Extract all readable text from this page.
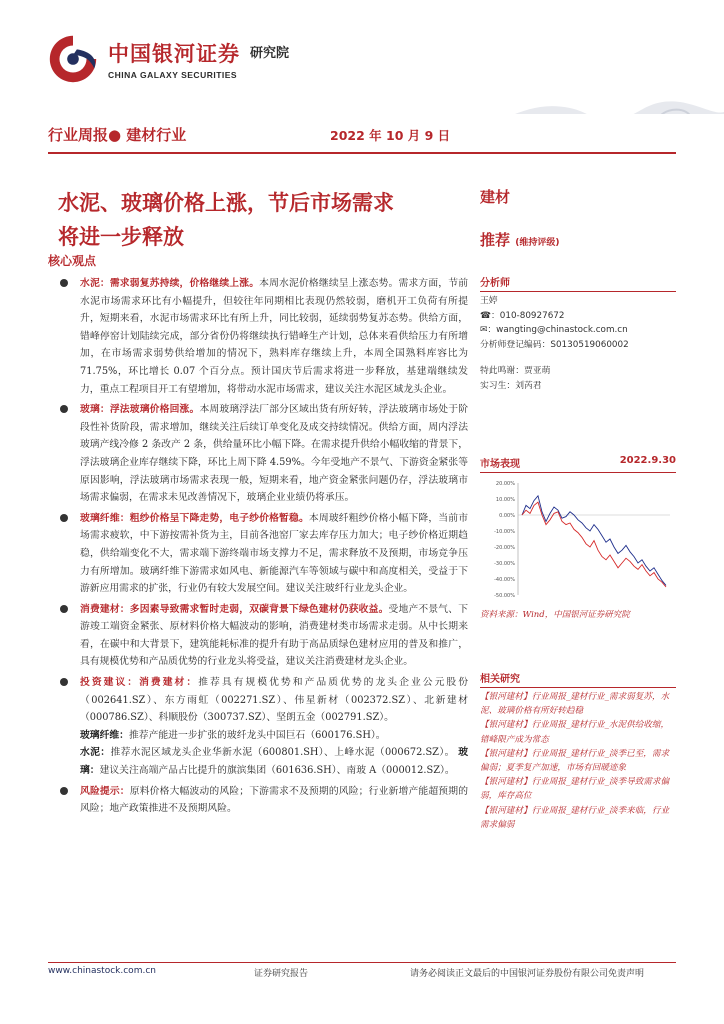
中国银河证券
CHINA GALAXY SECURITIES
研究院
行业周报● 建材行业	2022 年 10 月 9 日
水泥、玻璃价格上涨，节后市场需求
将进一步释放
核心观点
水泥：需求弱复苏持续，价格继续上涨。本周水泥价格继续呈上涨态势。需求方面，节前水泥市场需求环比有小幅提升，但较往年同期相比表现仍然较弱，磨机开工负荷有所提升，短期来看，水泥市场需求环比有所上升，同比较弱，延续弱势复苏态势。供给方面，错峰停窑计划陆续完成，部分省份仍将继续执行错峰生产计划，总体来看供给压力有所增加，在市场需求弱势供给增加的情况下，熟料库存继续上升，本周全国熟料库容比为 71.75%，环比增长 0.07 个百分点。预计国庆节后需求将进一步释放，基建端继续发力，重点工程项目开工有望增加，将带动水泥市场需求，建议关注水泥区域龙头企业。
玻璃：浮法玻璃价格回涨。本周玻璃浮法厂部分区域出货有所好转，浮法玻璃市场处于阶段性补货阶段，需求增加，继续关注后续订单变化及成交持续情况。供给方面，周内浮法玻璃产线冷修 2 条改产 2 条，供给量环比小幅下降。在需求提升供给小幅收缩的背景下，浮法玻璃企业库存继续下降，环比上周下降 4.59%。今年受地产不景气、下游资金紧张等原因影响，浮法玻璃市场需求表现一般，短期来看，地产资金紧张问题仍存，浮法玻璃市场需求偏弱，在需求未见改善情况下，玻璃企业业绩仍将承压。
玻璃纤维：粗纱价格呈下降走势，电子纱价格暂稳。本周玻纤粗纱价格小幅下降，当前市场需求疲软，中下游按需补货为主，目前各池窑厂家去库存压力加大；电子纱价格近期趋稳，供给端变化不大，需求端下游终端市场支撑力不足，需求释放不及预期，市场竞争压力有所增加。玻璃纤维下游需求如风电、新能源汽车等领域与碳中和高度相关，受益于下游新应用需求的扩张，行业仍有较大发展空间。建议关注玻纤行业龙头企业。
消费建材：多因素导致需求暂时走弱，双碳背景下绿色建材仍获收益。受地产不景气、下游竣工端资金紧张、原材料价格大幅波动的影响，消费建材类市场需求走弱。从中长期来看，在碳中和大背景下，建筑能耗标准的提升有助于高品质绿色建材应用的普及和推广，具有规模优势和产品质优势的行业龙头将受益，建议关注消费建材龙头企业。
投资建议：消费建材：推荐具有规模优势和产品质优势的龙头企业公元股份（002641.SZ）、东方雨虹（002271.SZ）、伟星新材（002372.SZ）、北新建材（000786.SZ）、科顺股份（300737.SZ）、坚朗五金（002791.SZ）。
玻璃纤维：推荐产能进一步扩张的玻纤龙头中国巨石（600176.SH）。
水泥：推荐水泥区域龙头企业华新水泥（600801.SH）、上峰水泥（000672.SZ）。 玻璃：建议关注高端产品占比提升的旗滨集团（601636.SH）、南玻 A（000012.SZ）。
风险提示：原料价格大幅波动的风险；下游需求不及预期的风险；行业新增产能超预期的风险；地产政策推进不及预期风险。
建材
推荐 (维持评级)
分析师
王婷
☎：010-80927672
✉：wangting@chinastock.com.cn
分析师登记编码：S0130519060002
特此鸣谢：贾亚萌
实习生：刘芮君
市场表现	2022.9.30
20.00%
10.00%
0.00%
-10.00%
-20.00%
-30.00%
-40.00%
-50.00%
资料来源：Wind，中国银河证券研究院
相关研究
【银河建材】行业周报_建材行业_需求弱复苏，水泥、玻璃价格有所好转趋稳
【银河建材】行业周报_建材行业_水泥供给收缩，错峰限产成为常态
【银河建材】行业周报_建材行业_淡季已至，需求偏弱；夏季复产加速，市场有回暖迹象
【银河建材】行业周报_建材行业_淡季导致需求偏弱，库存高位
【银河建材】行业周报_建材行业_淡季来临，行业需求偏弱
www.chinastock.com.cn	证券研究报告	请务必阅读正文最后的中国银河证券股份有限公司免责声明
